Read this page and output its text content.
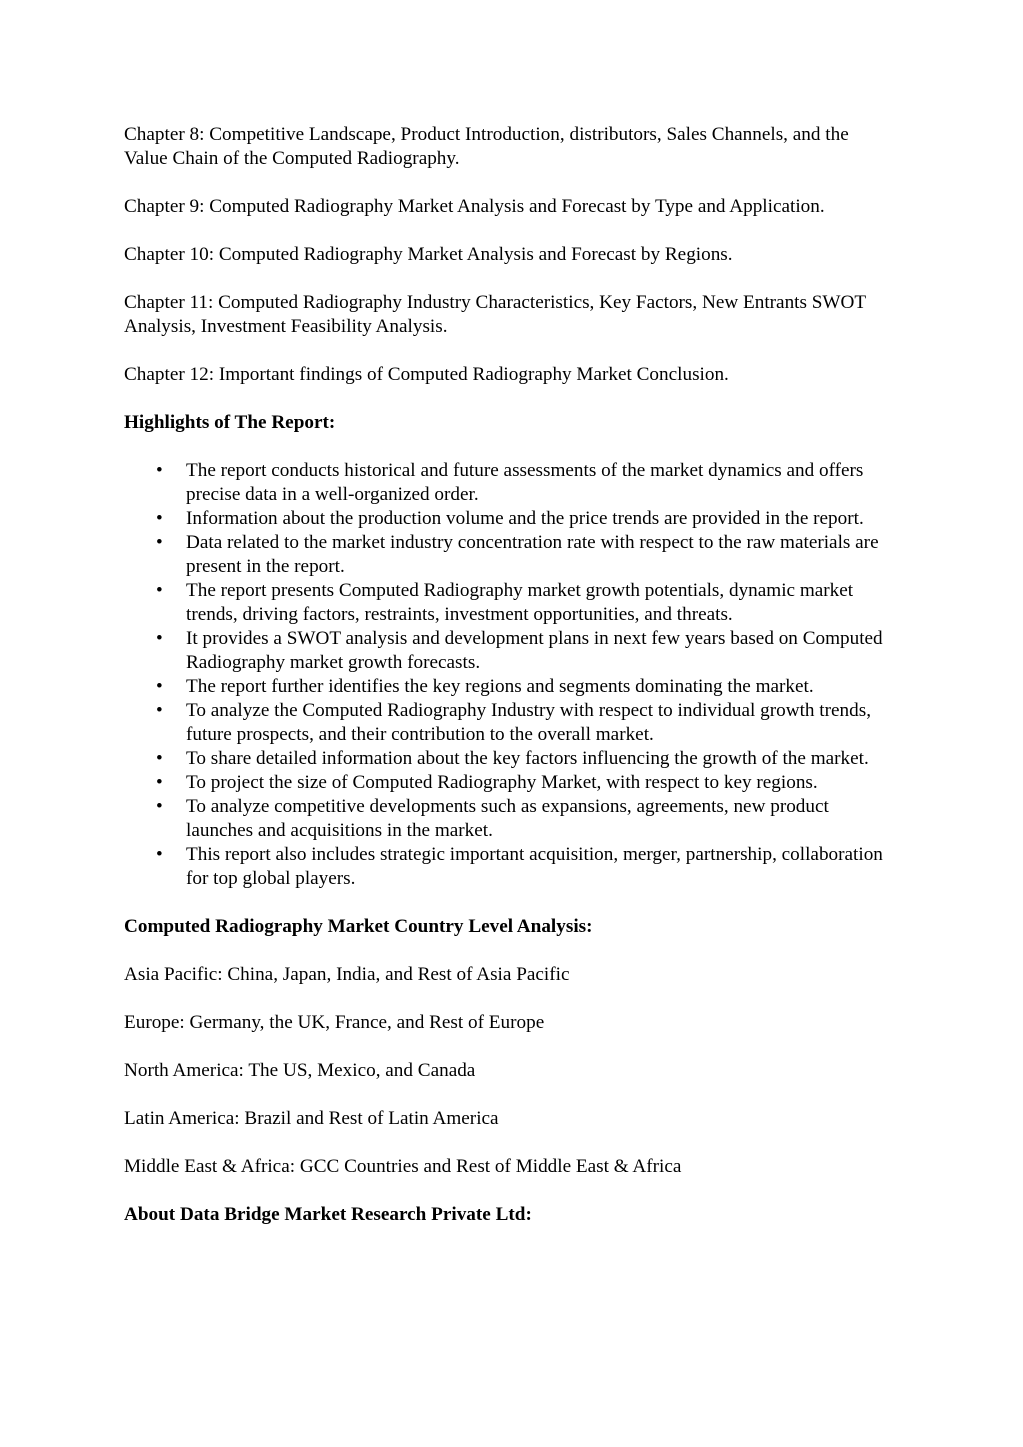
Chapter 8: Competitive Landscape, Product Introduction, distributors, Sales Channels, and the Value Chain of the Computed Radiography.

Chapter 9: Computed Radiography Market Analysis and Forecast by Type and Application.

Chapter 10: Computed Radiography Market Analysis and Forecast by Regions.

Chapter 11: Computed Radiography Industry Characteristics, Key Factors, New Entrants SWOT Analysis, Investment Feasibility Analysis.

Chapter 12: Important findings of Computed Radiography Market Conclusion.

Highlights of The Report:

• The report conducts historical and future assessments of the market dynamics and offers precise data in a well-organized order.
• Information about the production volume and the price trends are provided in the report.
• Data related to the market industry concentration rate with respect to the raw materials are present in the report.
• The report presents Computed Radiography market growth potentials, dynamic market trends, driving factors, restraints, investment opportunities, and threats.
• It provides a SWOT analysis and development plans in next few years based on Computed Radiography market growth forecasts.
• The report further identifies the key regions and segments dominating the market.
• To analyze the Computed Radiography Industry with respect to individual growth trends, future prospects, and their contribution to the overall market.
• To share detailed information about the key factors influencing the growth of the market.
• To project the size of Computed Radiography Market, with respect to key regions.
• To analyze competitive developments such as expansions, agreements, new product launches and acquisitions in the market.
• This report also includes strategic important acquisition, merger, partnership, collaboration for top global players.

Computed Radiography Market Country Level Analysis:

Asia Pacific: China, Japan, India, and Rest of Asia Pacific

Europe: Germany, the UK, France, and Rest of Europe

North America: The US, Mexico, and Canada

Latin America: Brazil and Rest of Latin America

Middle East & Africa: GCC Countries and Rest of Middle East & Africa

About Data Bridge Market Research Private Ltd:
